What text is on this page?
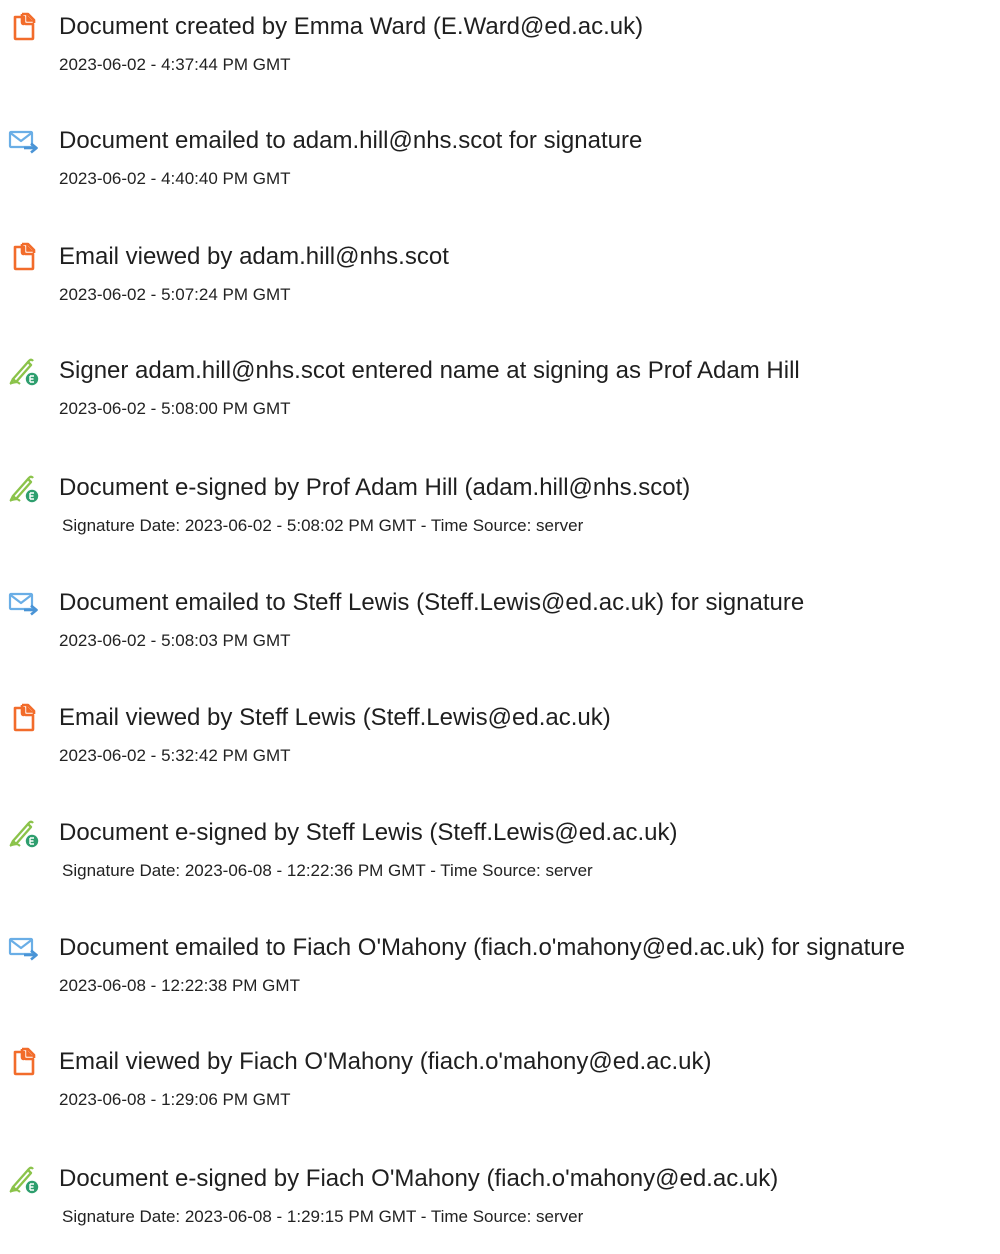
Document created by Emma Ward (E.Ward@ed.ac.uk)
2023-06-02 - 4:37:44 PM GMT
Document emailed to adam.hill@nhs.scot for signature
2023-06-02 - 4:40:40 PM GMT
Email viewed by adam.hill@nhs.scot
2023-06-02 - 5:07:24 PM GMT
Signer adam.hill@nhs.scot entered name at signing as Prof Adam Hill
2023-06-02 - 5:08:00 PM GMT
Document e-signed by Prof Adam Hill (adam.hill@nhs.scot)
Signature Date: 2023-06-02 - 5:08:02 PM GMT - Time Source: server
Document emailed to Steff Lewis (Steff.Lewis@ed.ac.uk) for signature
2023-06-02 - 5:08:03 PM GMT
Email viewed by Steff Lewis (Steff.Lewis@ed.ac.uk)
2023-06-02 - 5:32:42 PM GMT
Document e-signed by Steff Lewis (Steff.Lewis@ed.ac.uk)
Signature Date: 2023-06-08 - 12:22:36 PM GMT - Time Source: server
Document emailed to Fiach O'Mahony (fiach.o'mahony@ed.ac.uk) for signature
2023-06-08 - 12:22:38 PM GMT
Email viewed by Fiach O'Mahony (fiach.o'mahony@ed.ac.uk)
2023-06-08 - 1:29:06 PM GMT
Document e-signed by Fiach O'Mahony (fiach.o'mahony@ed.ac.uk)
Signature Date: 2023-06-08 - 1:29:15 PM GMT - Time Source: server
